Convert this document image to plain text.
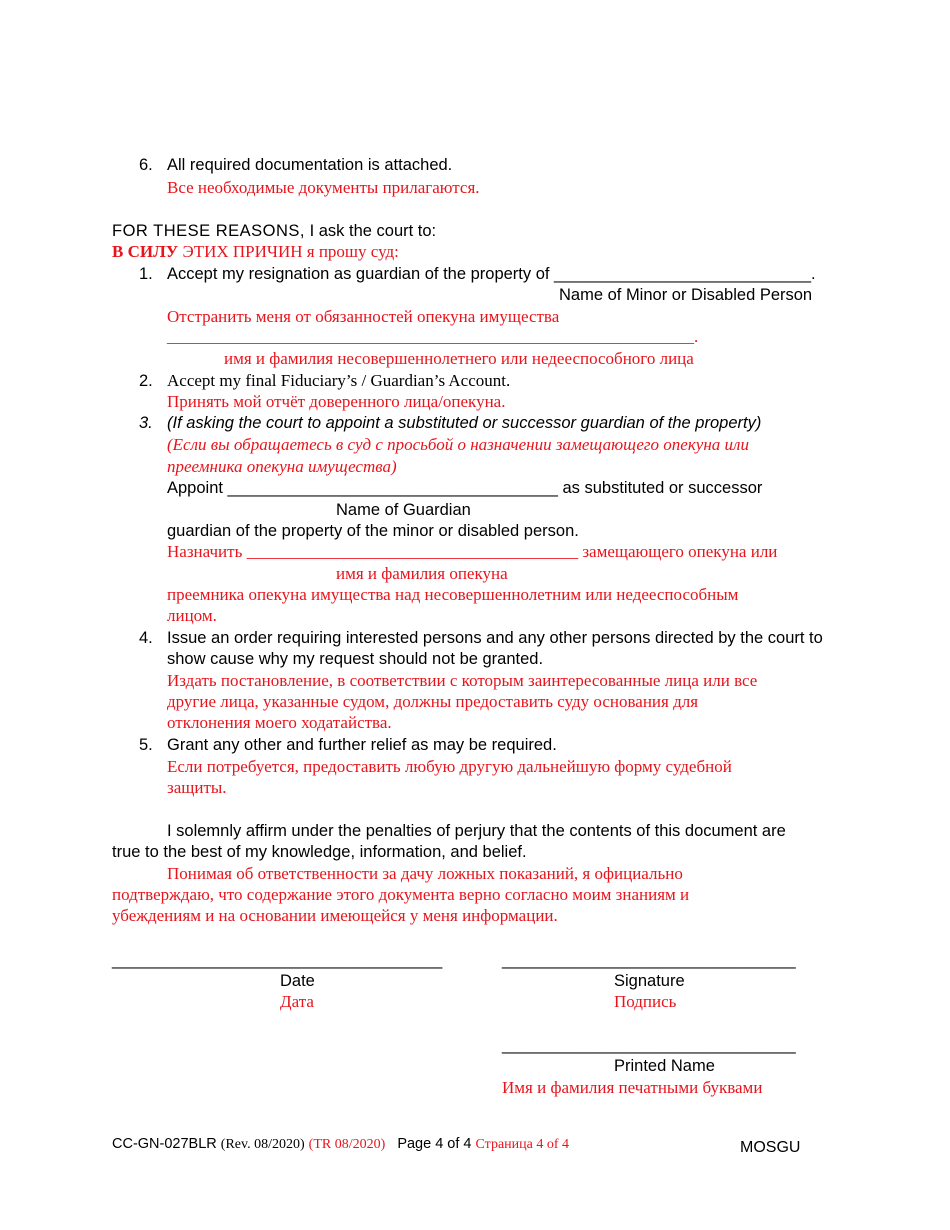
6. All required documentation is attached.
Все необходимые документы прилагаются.
FOR THESE REASONS, I ask the court to:
В СИЛУ ЭТИХ ПРИЧИН я прошу суд:
1. Accept my resignation as guardian of the property of ____________________________.
Name of Minor or Disabled Person
Отстранить меня от обязанностей опекуна имущества
______________________________________________________________.
имя и фамилия несовершеннолетнего или недееспособного лица
2. Accept my final Fiduciary’s / Guardian’s Account.
Принять мой отчёт доверенного лица/опекуна.
3. (If asking the court to appoint a substituted or successor guardian of the property)
(Если вы обращаетесь в суд с просьбой о назначении замещающего опекуна или
преемника опекуна имущества)
Appoint ____________________________________ as substituted or successor
Name of Guardian
guardian of the property of the minor or disabled person.
Назначить _______________________________________ замещающего опекуна или
имя и фамилия опекуна
преемника опекуна имущества над несовершеннолетним или недееспособным
лицом.
4. Issue an order requiring interested persons and any other persons directed by the court to
show cause why my request should not be granted.
Издать постановление, в соответствии с которым заинтересованные лица или все
другие лица, указанные судом, должны предоставить суду основания для
отклонения моего ходатайства.
5. Grant any other and further relief as may be required.
Если потребуется, предоставить любую другую дальнейшую форму судебной
защиты.
I solemnly affirm under the penalties of perjury that the contents of this document are
true to the best of my knowledge, information, and belief.
Понимая об ответственности за дачу ложных показаний, я официально
подтверждаю, что содержание этого документа верно согласно моим знаниям и
убеждениям и на основании имеющейся у меня информации.
____________________________________
Date
Дата
________________________________
Signature
Подпись
________________________________
Printed Name
Имя и фамилия печатными буквами
CC-GN-027BLR (Rev. 08/2020) (TR 08/2020) Page 4 of 4 Страница 4 of 4	MOSGU
